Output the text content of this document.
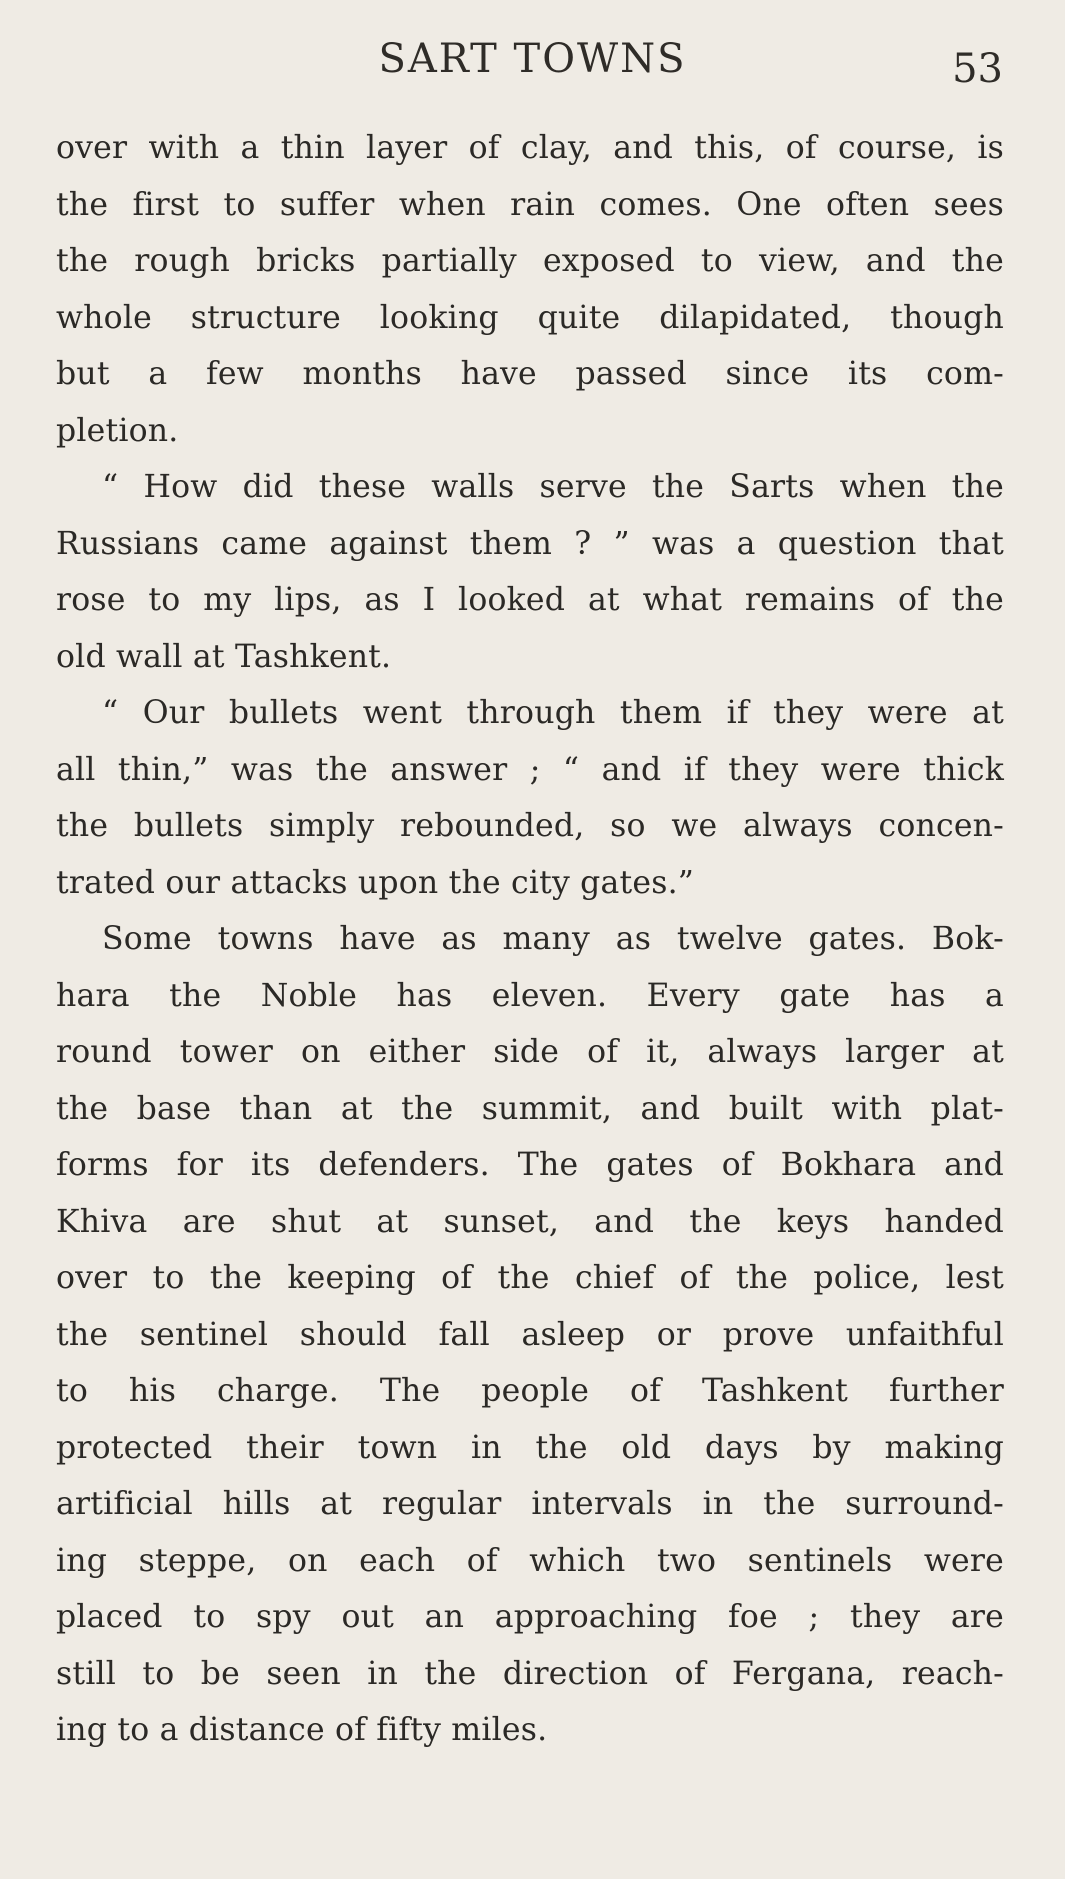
SART TOWNS	53
over with a thin layer of clay, and this, of course, is
the first to suffer when rain comes. One often sees
the rough bricks partially exposed to view, and the
whole structure looking quite dilapidated, though
but a few months have passed since its com-
pletion.
“ How did these walls serve the Sarts when the
Russians came against them ? ” was a question that
rose to my lips, as I looked at what remains of the
old wall at Tashkent.
“ Our bullets went through them if they were at
all thin,” was the answer ; “ and if they were thick
the bullets simply rebounded, so we always concen-
trated our attacks upon the city gates.”
Some towns have as many as twelve gates. Bok-
hara the Noble has eleven. Every gate has a
round tower on either side of it, always larger at
the base than at the summit, and built with plat-
forms for its defenders. The gates of Bokhara and
Khiva are shut at sunset, and the keys handed
over to the keeping of the chief of the police, lest
the sentinel should fall asleep or prove unfaithful
to his charge. The people of Tashkent further
protected their town in the old days by making
artificial hills at regular intervals in the surround-
ing steppe, on each of which two sentinels were
placed to spy out an approaching foe ; they are
still to be seen in the direction of Fergana, reach-
ing to a distance of fifty miles.
